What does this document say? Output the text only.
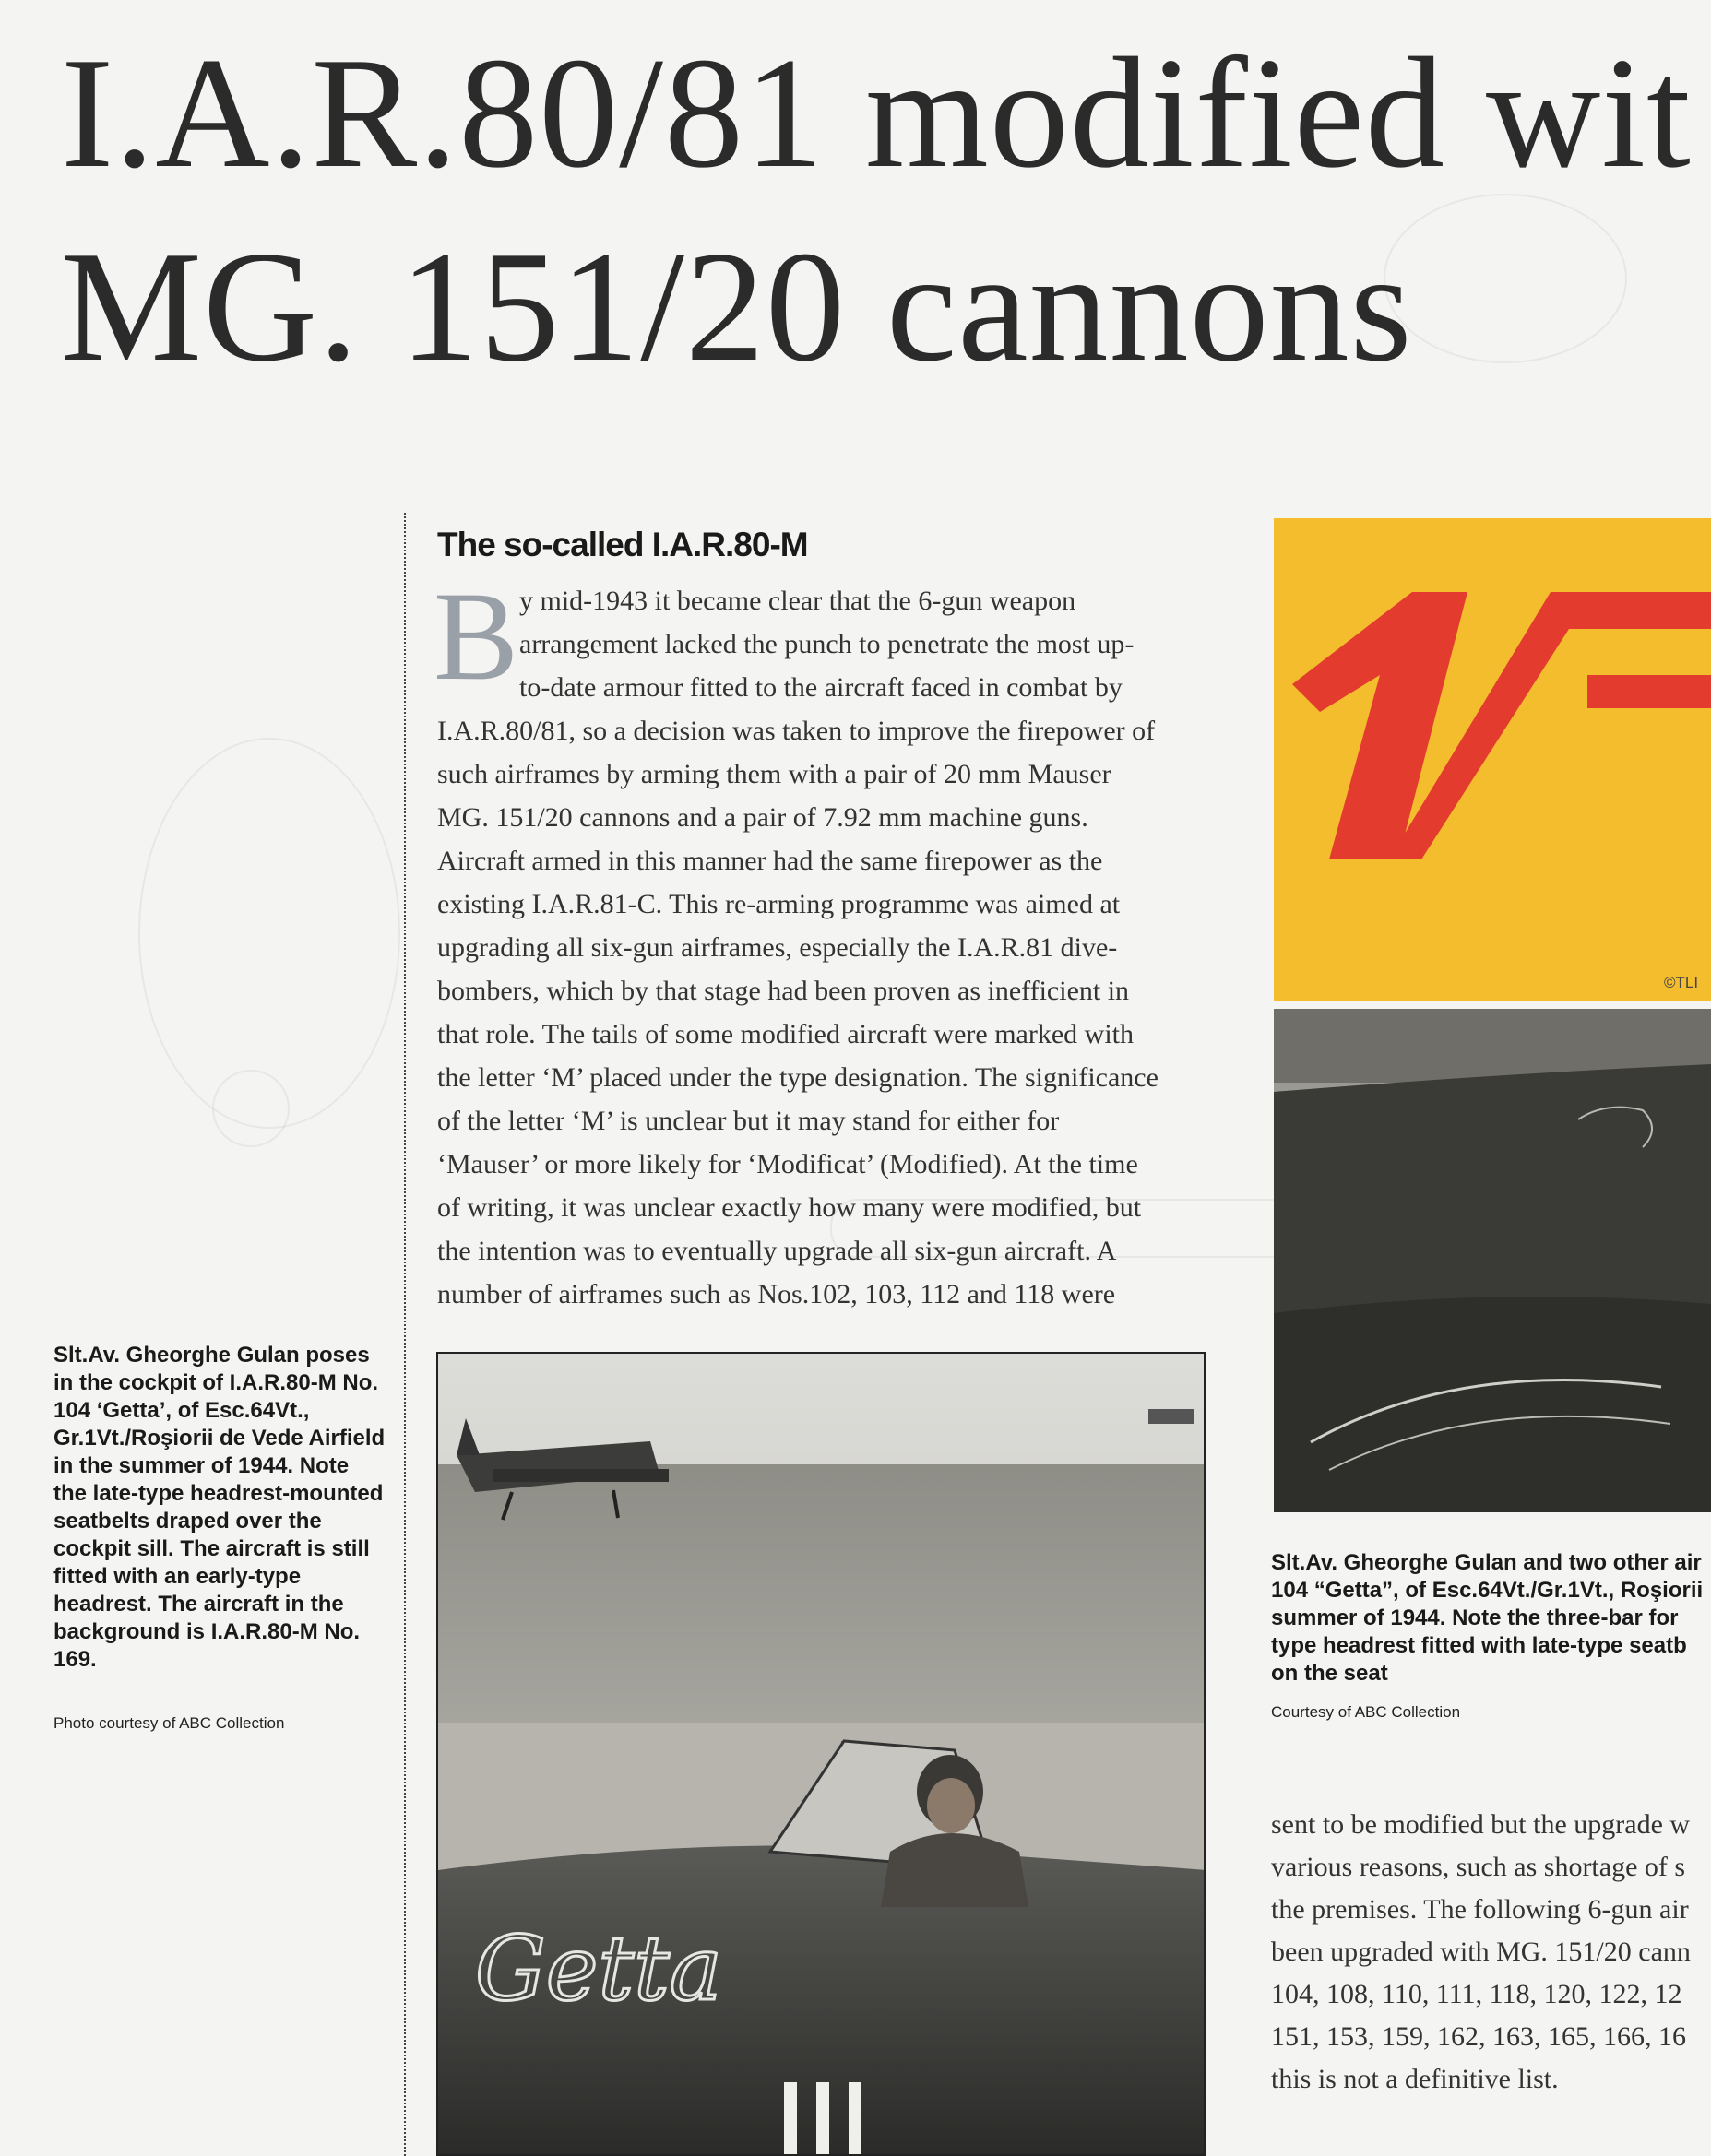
I.A.R.80/81 modified wit
MG. 151/20 cannons
The so-called I.A.R.80-M
B y mid-1943 it became clear that the 6-gun weapon
arrangement lacked the punch to penetrate the most up-
to-date armour fitted to the aircraft faced in combat by
I.A.R.80/81, so a decision was taken to improve the firepower of
such airframes by arming them with a pair of 20 mm Mauser
MG. 151/20 cannons and a pair of 7.92 mm machine guns.
Aircraft armed in this manner had the same firepower as the
existing I.A.R.81-C. This re-arming programme was aimed at
upgrading all six-gun airframes, especially the I.A.R.81 dive-
bombers, which by that stage had been proven as inefficient in
that role. The tails of some modified aircraft were marked with
the letter ‘M’ placed under the type designation. The significance
of the letter ‘M’ is unclear but it may stand for either for
‘Mauser’ or more likely for ‘Modificat’ (Modified). At the time
of writing, it was unclear exactly how many were modified, but
the intention was to eventually upgrade all six-gun aircraft. A
number of airframes such as Nos.102, 103, 112 and 118 were
Slt.Av. Gheorghe Gulan poses in the cockpit of I.A.R.80-M No. 104 ‘Getta’, of Esc.64Vt., Gr.1Vt./Roşiorii de Vede Airfield in the summer of 1944. Note the late-type headrest-mounted seatbelts draped over the cockpit sill. The aircraft is still fitted with an early-type headrest. The aircraft in the background is I.A.R.80-M No. 169.
Photo courtesy of ABC Collection
Getta
©TLI
Slt.Av. Gheorghe Gulan and two other air
104 “Getta”, of Esc.64Vt./Gr.1Vt., Roşiorii
summer of 1944. Note the three-bar for
type headrest fitted with late-type seatb
on the seat
Courtesy of ABC Collection
sent to be modified but the upgrade w
various reasons, such as shortage of s
the premises. The following 6-gun air
been upgraded with MG. 151/20 cann
104, 108, 110, 111, 118, 120, 122, 12
151, 153, 159, 162, 163, 165, 166, 16
this is not a definitive list.
